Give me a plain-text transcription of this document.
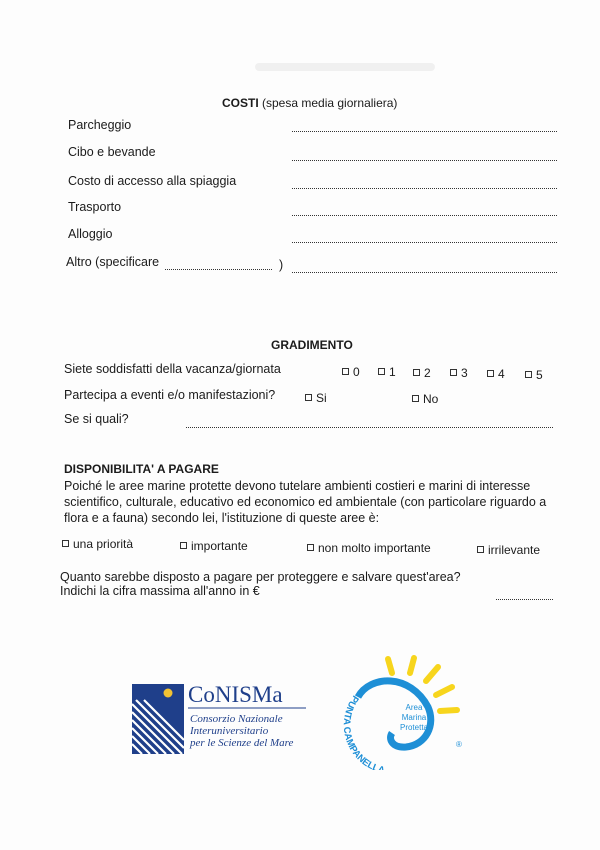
COSTI (spesa media giornaliera)
Parcheggio
Cibo e bevande
Costo di accesso alla spiaggia
Trasporto
Alloggio
Altro (specificare	)
GRADIMENTO
Siete soddisfatti della vacanza/giornata	0	1	2	3	4	5
Partecipa a eventi e/o manifestazioni?	Si	No
Se si quali?
DISPONIBILITA' A PAGARE
Poiché le aree marine protette devono tutelare ambienti costieri e marini di interesse scientifico, culturale, educativo ed economico ed ambientale (con particolare riguardo a flora e a fauna) secondo lei, l'istituzione di queste aree è:
una priorità	importante	non molto importante	irrilevante
Quanto sarebbe disposto a pagare per proteggere e salvare quest'area?
Indichi la cifra massima all'anno in €
CoNISMa
Consorzio Nazionale
Interuniversitario
per le Scienze del Mare
PUNTA CAMPANELL
®
Area
Marina
Protetta
